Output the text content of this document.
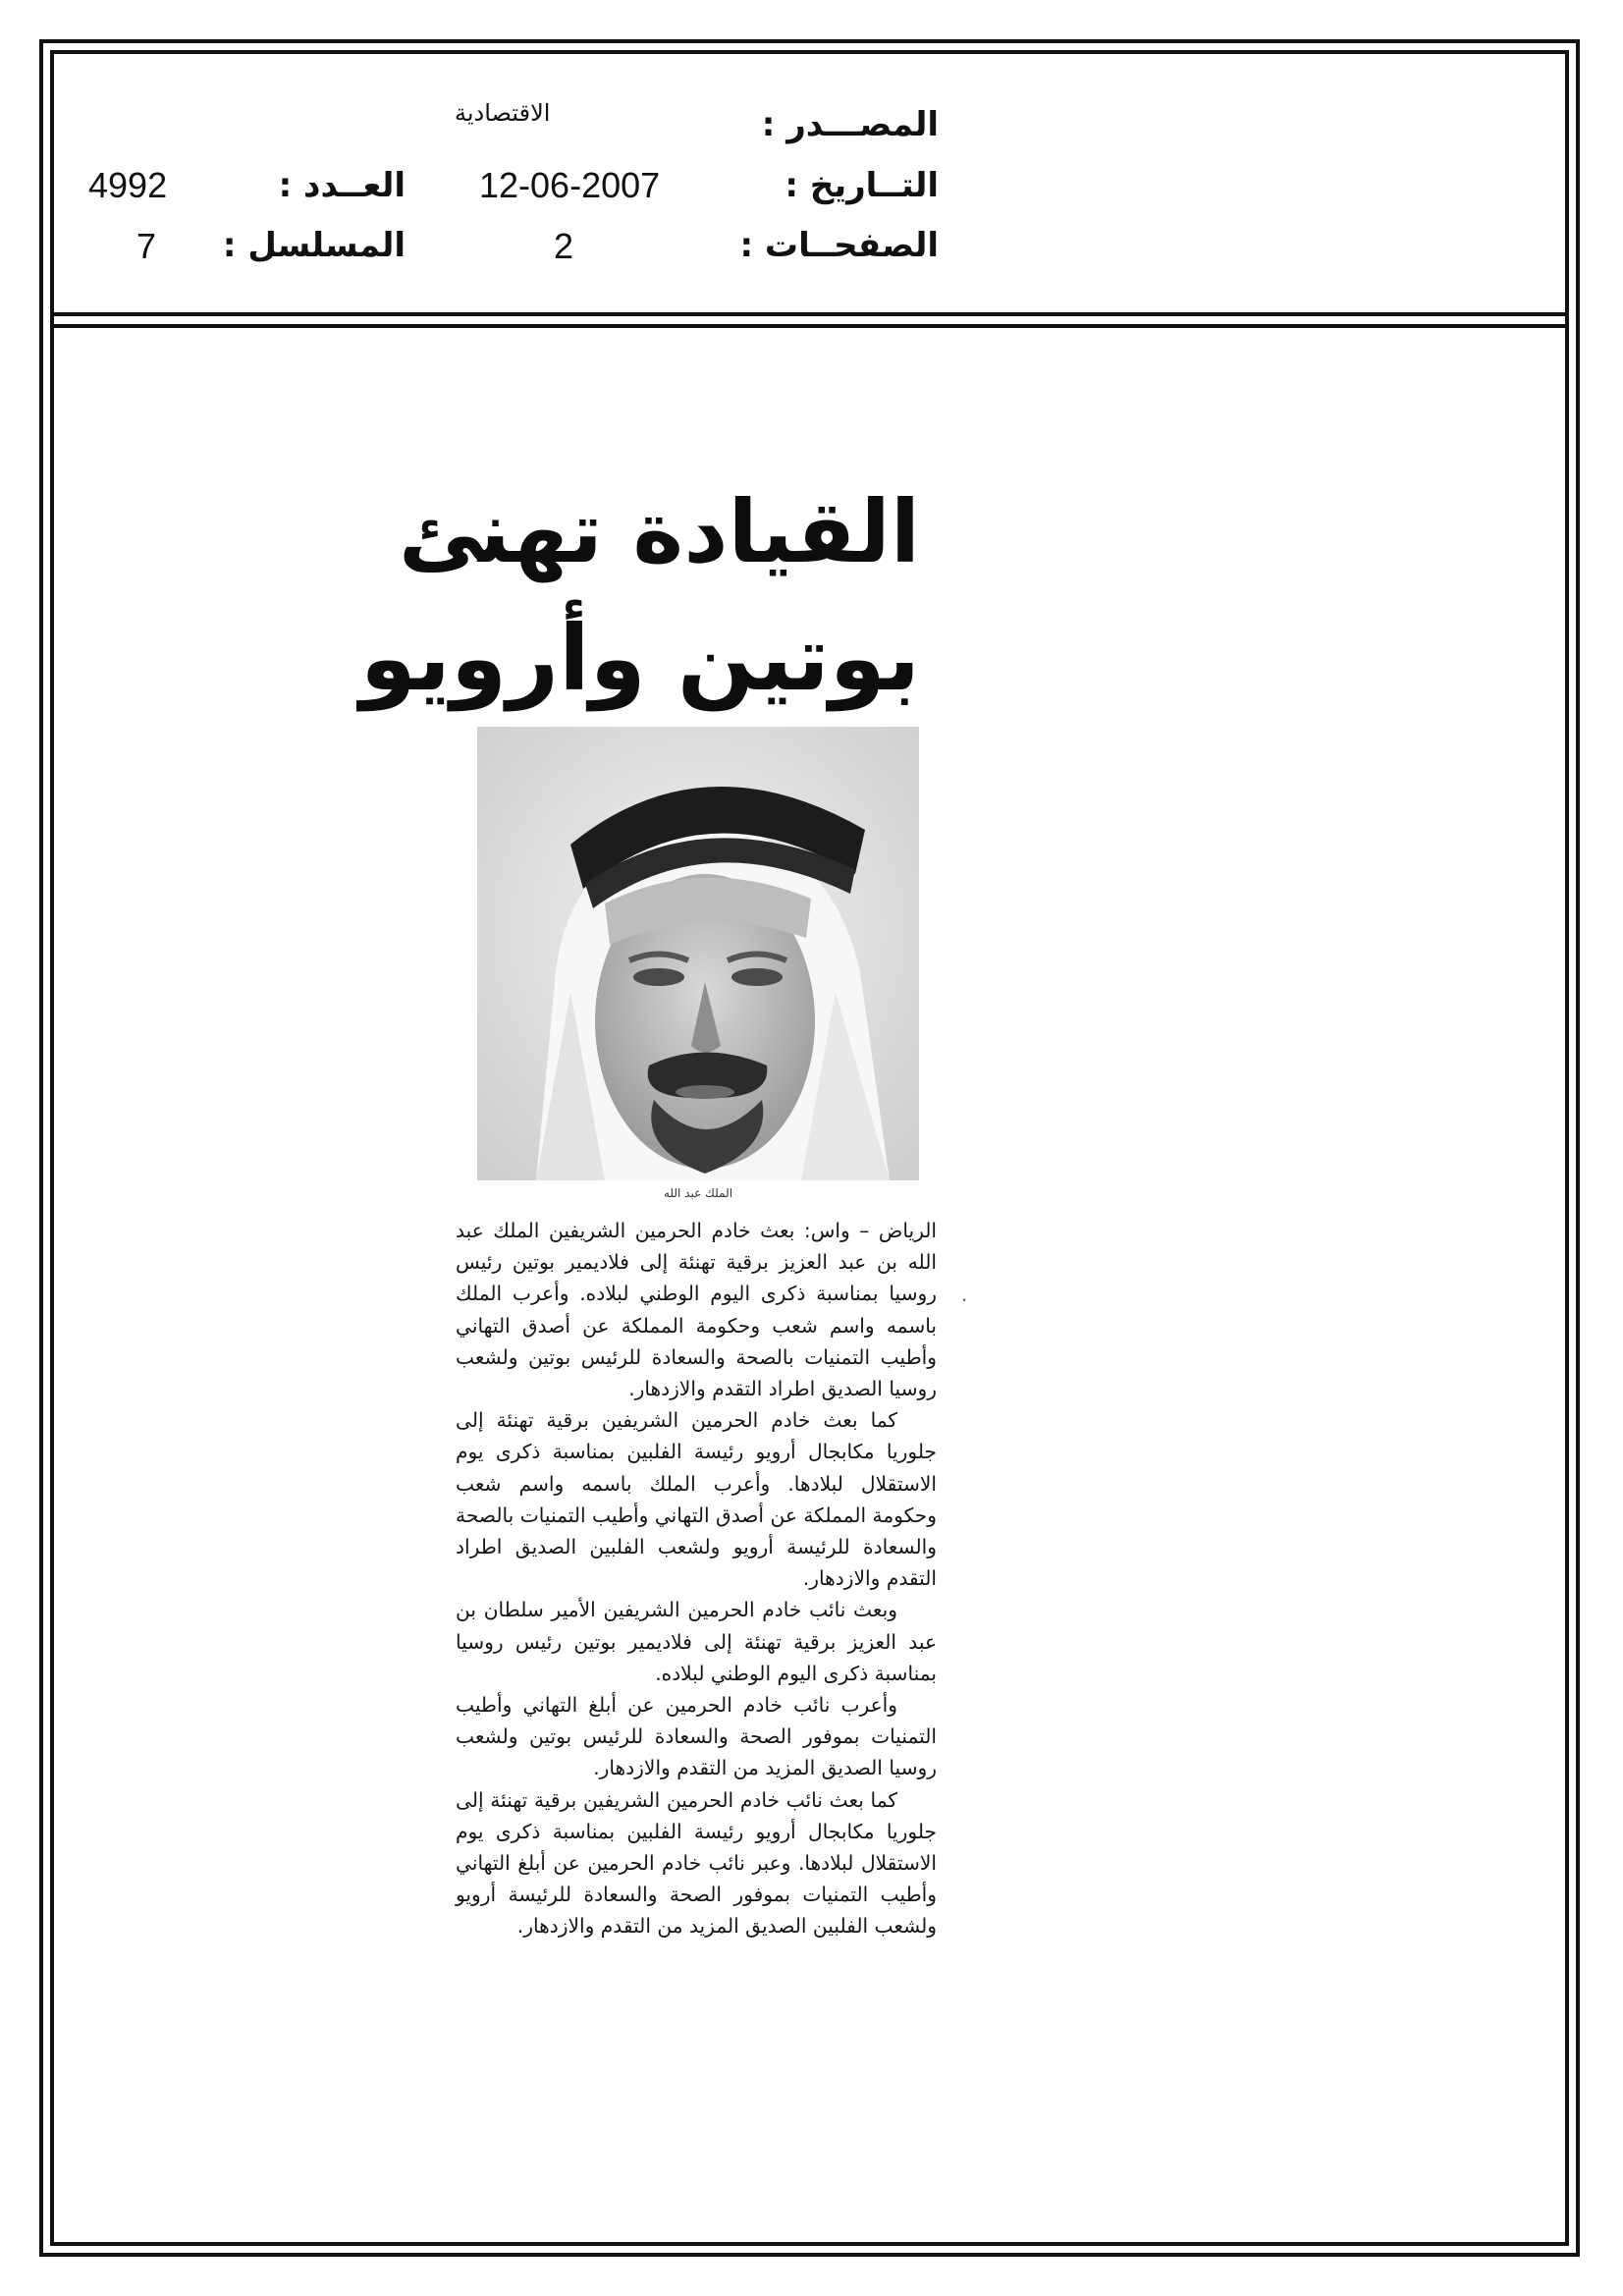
المصـــدر :
الاقتصادية
التــاريخ :
12-06-2007
العــدد :
4992
الصفحــات :
2
المسلسل :
7
القيادة تهنئ
بوتين وأرويو
الملك عبد الله
·

الرياض – واس: بعث خادم الحرمين الشريفين الملك عبد الله بن عبد العزيز برقية تهنئة إلى فلاديمير بوتين رئيس روسيا بمناسبة ذكرى اليوم الوطني لبلاده. وأعرب الملك باسمه واسم شعب وحكومة المملكة عن أصدق التهاني وأطيب التمنيات بالصحة والسعادة للرئيس بوتين ولشعب روسيا الصديق اطراد التقدم والازدهار.

كما بعث خادم الحرمين الشريفين برقية تهنئة إلى جلوريا مكابجال أرويو رئيسة الفلبين بمناسبة ذكرى يوم الاستقلال لبلادها. وأعرب الملك باسمه واسم شعب وحكومة المملكة عن أصدق التهاني وأطيب التمنيات بالصحة والسعادة للرئيسة أرويو ولشعب الفلبين الصديق اطراد التقدم والازدهار.

وبعث نائب خادم الحرمين الشريفين الأمير سلطان بن عبد العزيز برقية تهنئة إلى فلاديمير بوتين رئيس روسيا بمناسبة ذكرى اليوم الوطني لبلاده.

وأعرب نائب خادم الحرمين عن أبلغ التهاني وأطيب التمنيات بموفور الصحة والسعادة للرئيس بوتين ولشعب روسيا الصديق المزيد من التقدم والازدهار.

كما بعث نائب خادم الحرمين الشريفين برقية تهنئة إلى جلوريا مكابجال أرويو رئيسة الفلبين بمناسبة ذكرى يوم الاستقلال لبلادها. وعبر نائب خادم الحرمين عن أبلغ التهاني وأطيب التمنيات بموفور الصحة والسعادة للرئيسة أرويو ولشعب الفلبين الصديق المزيد من التقدم والازدهار.
